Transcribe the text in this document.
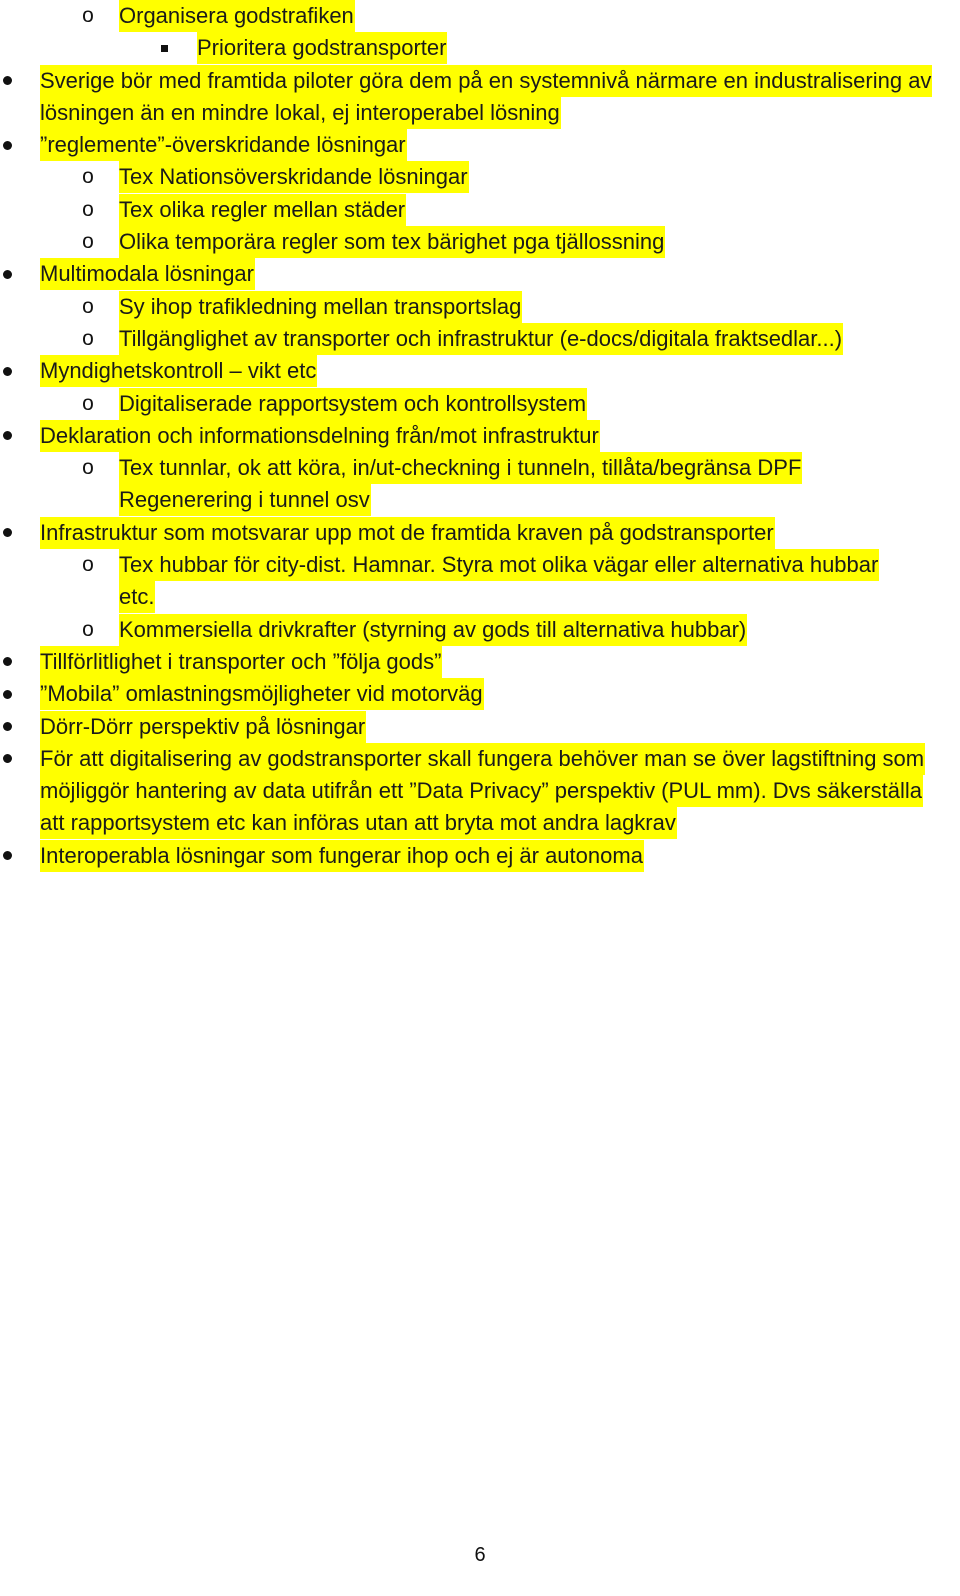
o Organisera godstrafiken

Prioritera godstransporter

Sverige bör med framtida piloter göra dem på en systemnivå närmare en industralisering av lösningen än en mindre lokal, ej interoperabel lösning

”reglemente”-överskridande lösningar

o Tex Nationsöverskridande lösningar

o Tex olika regler mellan städer

o Olika temporära regler som tex bärighet pga tjällossning

Multimodala lösningar

o Sy ihop trafikledning mellan transportslag

o Tillgänglighet av transporter och infrastruktur (e-docs/digitala fraktsedlar...)

Myndighetskontroll – vikt etc

o Digitaliserade rapportsystem och kontrollsystem

Deklaration och informationsdelning från/mot infrastruktur

o Tex tunnlar, ok att köra, in/ut-checkning i tunneln, tillåta/begränsa DPF Regenerering i tunnel osv

Infrastruktur som motsvarar upp mot de framtida kraven på godstransporter

o Tex hubbar för city-dist. Hamnar. Styra mot olika vägar eller alternativa hubbar etc.

o Kommersiella drivkrafter (styrning av gods till alternativa hubbar)

Tillförlitlighet i transporter och ”följa gods”

”Mobila” omlastningsmöjligheter vid motorväg

Dörr-Dörr perspektiv på lösningar

För att digitalisering av godstransporter skall fungera behöver man se över lagstiftning som möjliggör hantering av data utifrån ett ”Data Privacy” perspektiv (PUL mm). Dvs säkerställa att rapportsystem etc kan införas utan att bryta mot andra lagkrav

Interoperabla lösningar som fungerar ihop och ej är autonoma

6
